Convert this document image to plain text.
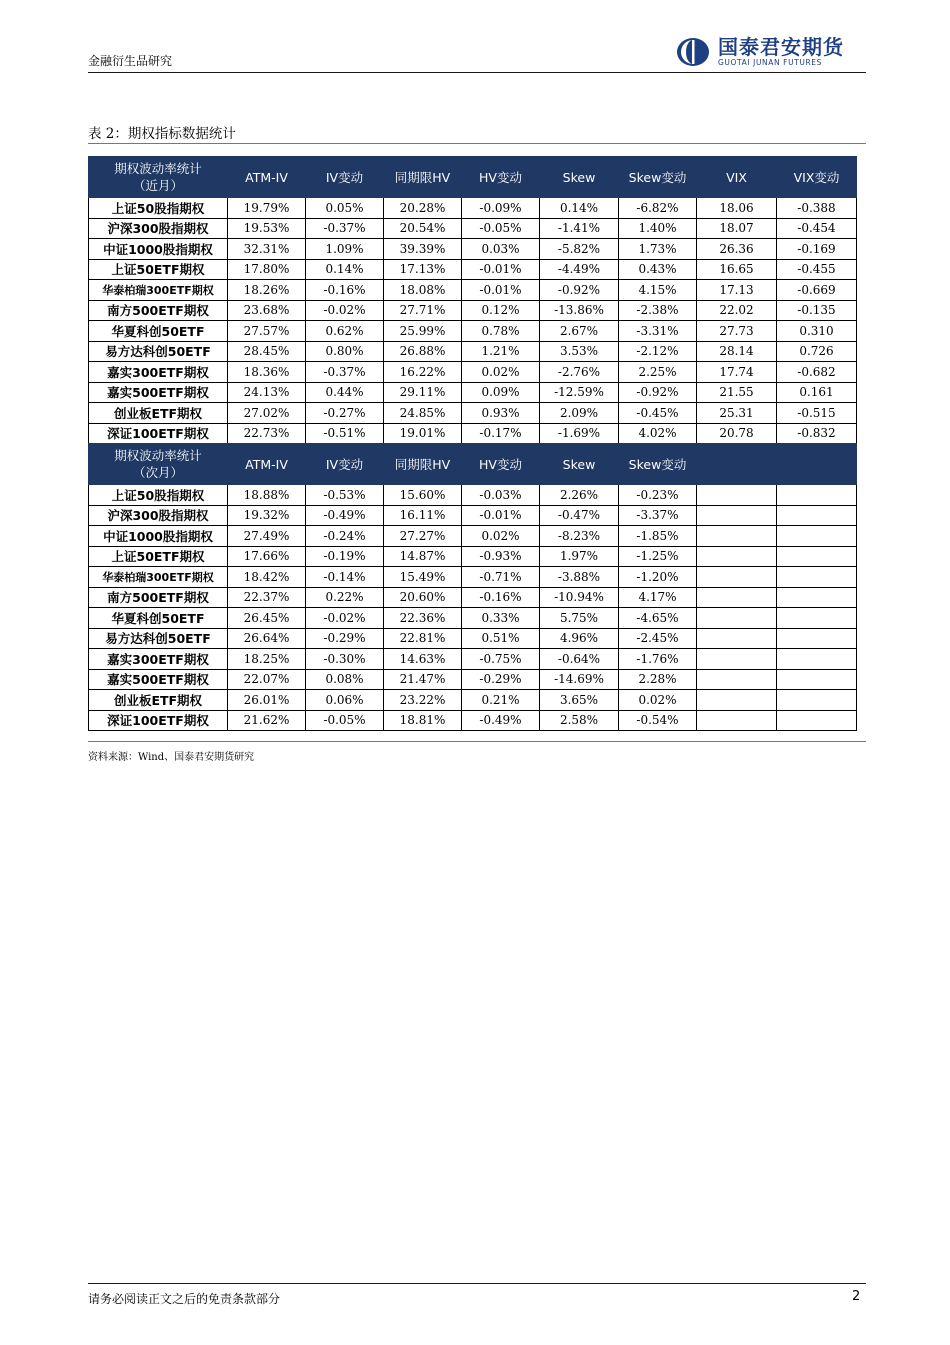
金融衍生品研究
国泰君安期货
GUOTAI JUNAN FUTURES
表 2：期权指标数据统计
期权波动率统计
（近月）	ATM-IV	IV变动	同期限HV	HV变动	Skew	Skew变动	VIX	VIX变动
上证50股指期权	19.79%	0.05%	20.28%	-0.09%	0.14%	-6.82%	18.06	-0.388
沪深300股指期权	19.53%	-0.37%	20.54%	-0.05%	-1.41%	1.40%	18.07	-0.454
中证1000股指期权	32.31%	1.09%	39.39%	0.03%	-5.82%	1.73%	26.36	-0.169
上证50ETF期权	17.80%	0.14%	17.13%	-0.01%	-4.49%	0.43%	16.65	-0.455
华泰柏瑞300ETF期权	18.26%	-0.16%	18.08%	-0.01%	-0.92%	4.15%	17.13	-0.669
南方500ETF期权	23.68%	-0.02%	27.71%	0.12%	-13.86%	-2.38%	22.02	-0.135
华夏科创50ETF	27.57%	0.62%	25.99%	0.78%	2.67%	-3.31%	27.73	0.310
易方达科创50ETF	28.45%	0.80%	26.88%	1.21%	3.53%	-2.12%	28.14	0.726
嘉实300ETF期权	18.36%	-0.37%	16.22%	0.02%	-2.76%	2.25%	17.74	-0.682
嘉实500ETF期权	24.13%	0.44%	29.11%	0.09%	-12.59%	-0.92%	21.55	0.161
创业板ETF期权	27.02%	-0.27%	24.85%	0.93%	2.09%	-0.45%	25.31	-0.515
深证100ETF期权	22.73%	-0.51%	19.01%	-0.17%	-1.69%	4.02%	20.78	-0.832
期权波动率统计
（次月）	ATM-IV	IV变动	同期限HV	HV变动	Skew	Skew变动		
上证50股指期权	18.88%	-0.53%	15.60%	-0.03%	2.26%	-0.23%		
沪深300股指期权	19.32%	-0.49%	16.11%	-0.01%	-0.47%	-3.37%		
中证1000股指期权	27.49%	-0.24%	27.27%	0.02%	-8.23%	-1.85%		
上证50ETF期权	17.66%	-0.19%	14.87%	-0.93%	1.97%	-1.25%		
华泰柏瑞300ETF期权	18.42%	-0.14%	15.49%	-0.71%	-3.88%	-1.20%		
南方500ETF期权	22.37%	0.22%	20.60%	-0.16%	-10.94%	4.17%		
华夏科创50ETF	26.45%	-0.02%	22.36%	0.33%	5.75%	-4.65%		
易方达科创50ETF	26.64%	-0.29%	22.81%	0.51%	4.96%	-2.45%		
嘉实300ETF期权	18.25%	-0.30%	14.63%	-0.75%	-0.64%	-1.76%		
嘉实500ETF期权	22.07%	0.08%	21.47%	-0.29%	-14.69%	2.28%		
创业板ETF期权	26.01%	0.06%	23.22%	0.21%	3.65%	0.02%		
深证100ETF期权	21.62%	-0.05%	18.81%	-0.49%	2.58%	-0.54%		
资料来源：Wind、国泰君安期货研究
请务必阅读正文之后的免责条款部分	2
